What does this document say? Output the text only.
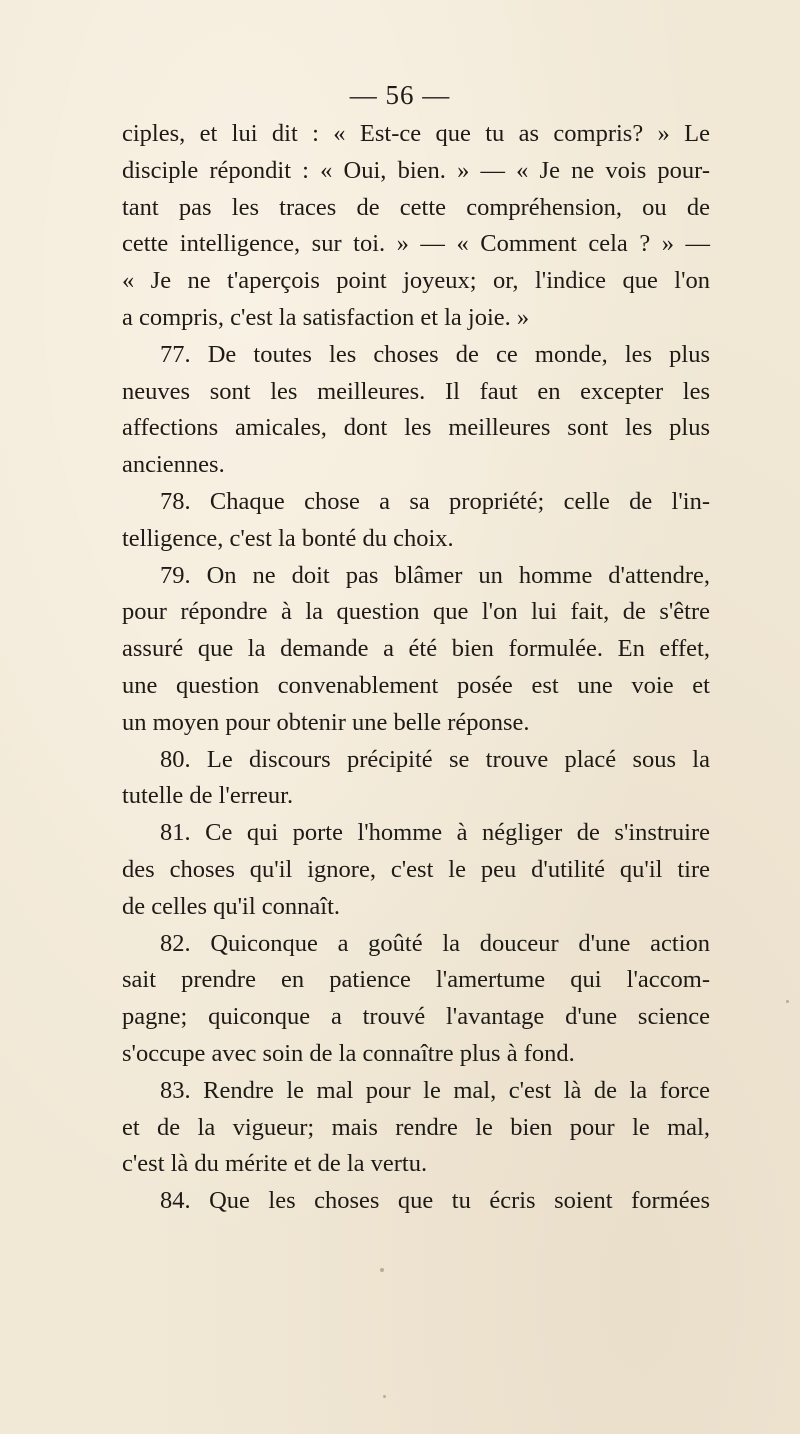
— 56 —
ciples, et lui dit : « Est-ce que tu as compris? » Le
disciple répondit : « Oui, bien. » — « Je ne vois pour-
tant pas les traces de cette compréhension, ou de
cette intelligence, sur toi. » — « Comment cela ? » —
« Je ne t'aperçois point joyeux; or, l'indice que l'on
a compris, c'est la satisfaction et la joie. »
77. De toutes les choses de ce monde, les plus
neuves sont les meilleures. Il faut en excepter les
affections amicales, dont les meilleures sont les plus
anciennes.
78. Chaque chose a sa propriété; celle de l'in-
telligence, c'est la bonté du choix.
79. On ne doit pas blâmer un homme d'attendre,
pour répondre à la question que l'on lui fait, de s'être
assuré que la demande a été bien formulée. En effet,
une question convenablement posée est une voie et
un moyen pour obtenir une belle réponse.
80. Le discours précipité se trouve placé sous la
tutelle de l'erreur.
81. Ce qui porte l'homme à négliger de s'instruire
des choses qu'il ignore, c'est le peu d'utilité qu'il tire
de celles qu'il connaît.
82. Quiconque a goûté la douceur d'une action
sait prendre en patience l'amertume qui l'accom-
pagne; quiconque a trouvé l'avantage d'une science
s'occupe avec soin de la connaître plus à fond.
83. Rendre le mal pour le mal, c'est là de la force
et de la vigueur; mais rendre le bien pour le mal,
c'est là du mérite et de la vertu.
84. Que les choses que tu écris soient formées
